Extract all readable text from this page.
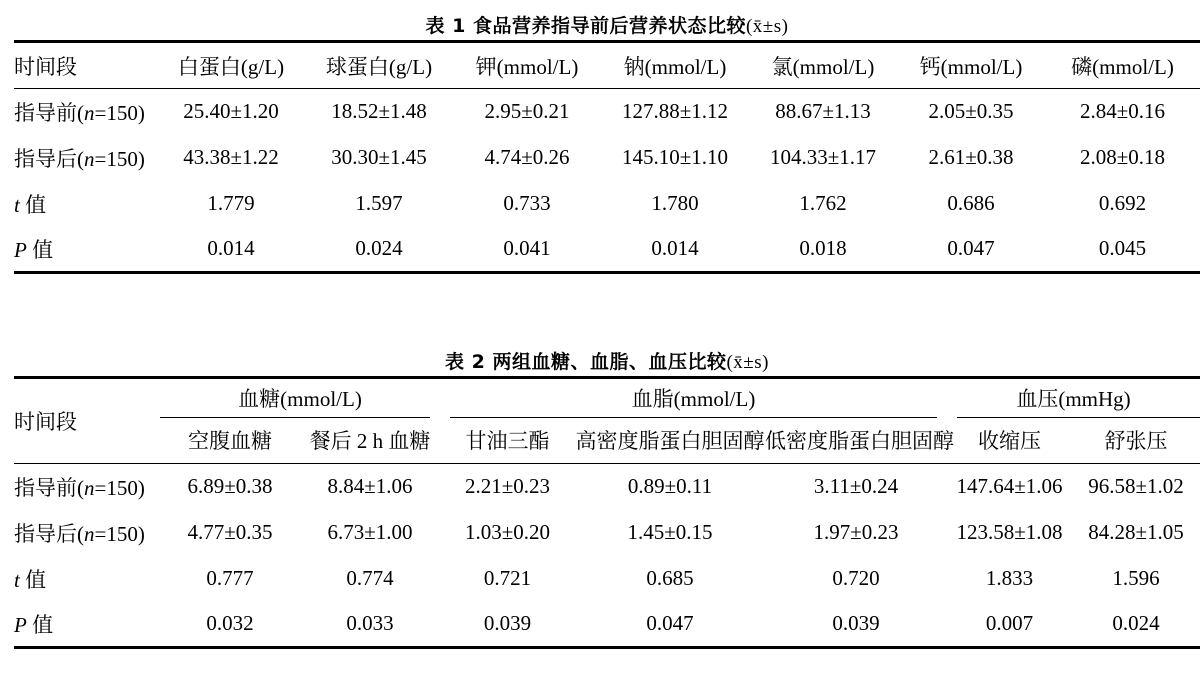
表 1 食品营养指导前后营养状态比较(x̄±s)
时间段	白蛋白(g/L)	球蛋白(g/L)	钾(mmol/L)	钠(mmol/L)	氯(mmol/L)	钙(mmol/L)	磷(mmol/L)
指导前(n=150)	25.40±1.20	18.52±1.48	2.95±0.21	127.88±1.12	88.67±1.13	2.05±0.35	2.84±0.16
指导后(n=150)	43.38±1.22	30.30±1.45	4.74±0.26	145.10±1.10	104.33±1.17	2.61±0.38	2.08±0.18
t 值	1.779	1.597	0.733	1.780	1.762	0.686	0.692
P 值	0.014	0.024	0.041	0.014	0.018	0.047	0.045
表 2 两组血糖、血脂、血压比较(x̄±s)
时间段	血糖(mmol/L)		血脂(mmol/L)			血压(mmHg)	

	空腹血糖	餐后 2 h 血糖	甘油三酯	高密度脂蛋白胆固醇	低密度脂蛋白胆固醇	收缩压	舒张压
指导前(n=150)	6.89±0.38	8.84±1.06	2.21±0.23	0.89±0.11	3.11±0.24	147.64±1.06	96.58±1.02
指导后(n=150)	4.77±0.35	6.73±1.00	1.03±0.20	1.45±0.15	1.97±0.23	123.58±1.08	84.28±1.05
t 值	0.777	0.774	0.721	0.685	0.720	1.833	1.596
P 值	0.032	0.033	0.039	0.047	0.039	0.007	0.024
